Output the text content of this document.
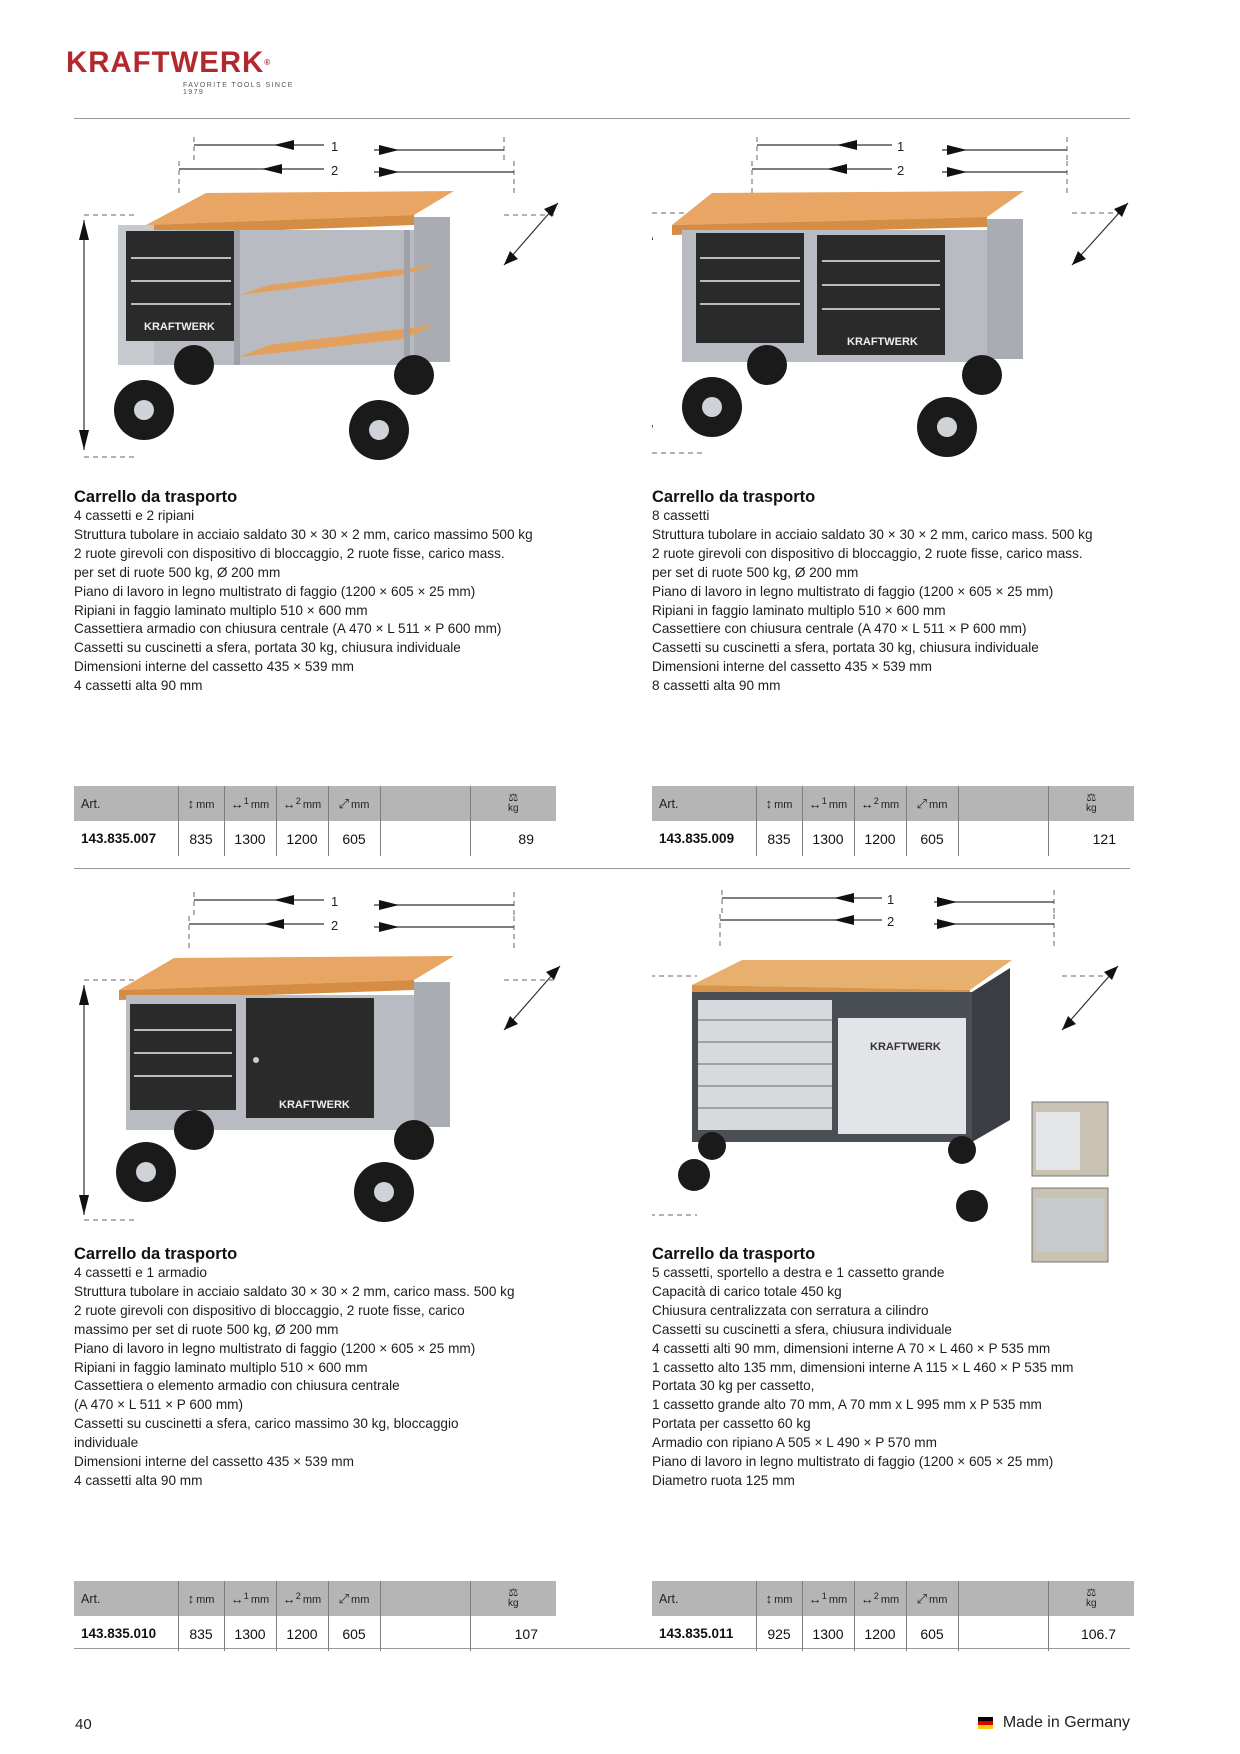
KRAFTWERK®
FAVORITE TOOLS SINCE 1979
1
2
KRAFTWERK
Carrello da trasporto
4 cassetti e 2 ripiani
Struttura tubolare in acciaio saldato 30 × 30 × 2 mm, carico massimo 500 kg
2 ruote girevoli con dispositivo di bloccaggio, 2 ruote fisse, carico mass.
per set di ruote 500 kg, Ø 200 mm
Piano di lavoro in legno multistrato di faggio (1200 × 605 × 25 mm)
Ripiani in faggio laminato multiplo 510 × 600 mm
Cassettiera armadio con chiusura centrale (A 470 × L 511 × P 600 mm)
Cassetti su cuscinetti a sfera, portata 30 kg, chiusura individuale
Dimensioni interne del cassetto 435 × 539 mm
4 cassetti alta 90 mm
Art.	↕ mm	↔$^1$ mm	↔$^2$ mm	⤢ mm		⚖
kg

143.835.007	835	1300	1200	605		89
1
2
KRAFTWERK
Carrello da trasporto
8 cassetti
Struttura tubolare in acciaio saldato 30 × 30 × 2 mm, carico mass. 500 kg
2 ruote girevoli con dispositivo di bloccaggio, 2 ruote fisse, carico mass.
per set di ruote 500 kg, Ø 200 mm
Piano di lavoro in legno multistrato di faggio (1200 × 605 × 25 mm)
Ripiani in faggio laminato multiplo 510 × 600 mm
Cassettiere con chiusura centrale (A 470 × L 511 × P 600 mm)
Cassetti su cuscinetti a sfera, portata 30 kg, chiusura individuale
Dimensioni interne del cassetto 435 × 539 mm
8 cassetti alta 90 mm
Art.	↕ mm	↔$^1$ mm	↔$^2$ mm	⤢ mm		⚖
kg

143.835.009	835	1300	1200	605		121
1
2
KRAFTWERK
Carrello da trasporto
4 cassetti e 1 armadio
Struttura tubolare in acciaio saldato 30 × 30 × 2 mm, carico mass. 500 kg
2 ruote girevoli con dispositivo di bloccaggio, 2 ruote fisse, carico
massimo per set di ruote 500 kg, Ø 200 mm
Piano di lavoro in legno multistrato di faggio (1200 × 605 × 25 mm)
Ripiani in faggio laminato multiplo 510 × 600 mm
Cassettiera o elemento armadio con chiusura centrale
(A 470 × L 511 × P 600 mm)
Cassetti su cuscinetti a sfera, carico massimo 30 kg, bloccaggio
individuale
Dimensioni interne del cassetto 435 × 539 mm
4 cassetti alta 90 mm
Art.	↕ mm	↔$^1$ mm	↔$^2$ mm	⤢ mm		⚖
kg

143.835.010	835	1300	1200	605		107
1
2
KRAFTWERK
Carrello da trasporto
5 cassetti, sportello a destra e 1 cassetto grande
Capacità di carico totale 450 kg
Chiusura centralizzata con serratura a cilindro
Cassetti su cuscinetti a sfera, chiusura individuale
4 cassetti alti 90 mm, dimensioni interne A 70 × L 460 × P 535 mm
1 cassetto alto 135 mm, dimensioni interne A 115 × L 460 × P 535 mm
Portata 30 kg per cassetto,
1 cassetto grande alto 70 mm, A 70 mm x L 995 mm x P 535 mm
Portata per cassetto 60 kg
Armadio con ripiano A 505 × L 490 × P 570 mm
Piano di lavoro in legno multistrato di faggio (1200 × 605 × 25 mm)
Diametro ruota 125 mm
Art.	↕ mm	↔$^1$ mm	↔$^2$ mm	⤢ mm		⚖
kg

143.835.011	925	1300	1200	605		106.7
40	Made in Germany
